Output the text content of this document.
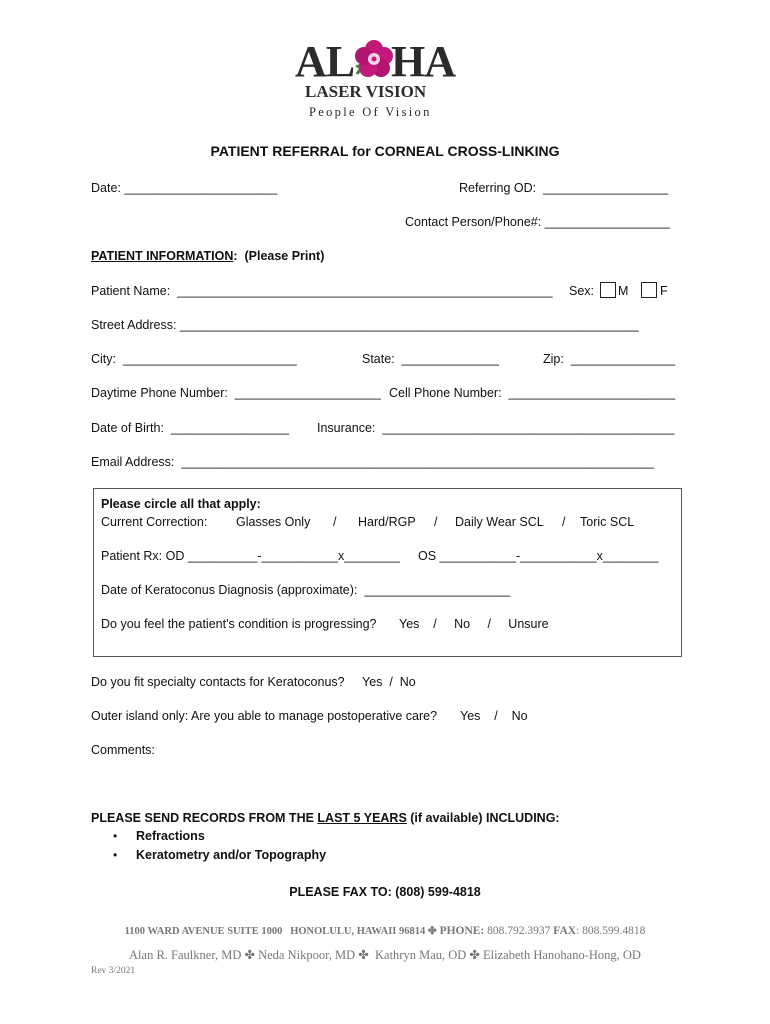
AL HA
LASER VISION
People Of Vision
PATIENT REFERRAL for CORNEAL CROSS-LINKING
Date: ______________________	Referring OD:  __________________
Contact Person/Phone#: __________________
PATIENT INFORMATION:  (Please Print)
Patient Name:  ______________________________________________________ Sex: M	F
Street Address: __________________________________________________________________
City:  _________________________	State:  ______________	Zip:  _______________
Daytime Phone Number:  _____________________ Cell Phone Number:  ________________________
Date of Birth:  _________________ Insurance:  __________________________________________
Email Address:  ____________________________________________________________________
Please circle all that apply:
Current Correction: Glasses Only / Hard/RGP / Daily Wear SCL / Toric SCL
Patient Rx: OD __________-___________x________ OS ___________-___________x________
Date of Keratoconus Diagnosis (approximate):  _____________________
Do you feel the patient's condition is progressing? Yes    /     No     /     Unsure
Do you fit specialty contacts for Keratoconus? Yes  /  No
Outer island only: Are you able to manage postoperative care? Yes    /    No
Comments:
PLEASE SEND RECORDS FROM THE LAST 5 YEARS (if available) INCLUDING:
• Refractions
• Keratometry and/or Topography
PLEASE FAX TO: (808) 599-4818
1100 WARD AVENUE SUITE 1000   HONOLULU, HAWAII 96814 ✤ PHONE: 808.792.3937 FAX: 808.599.4818
Alan R. Faulkner, MD ✤ Neda Nikpoor, MD ✤  Kathryn Mau, OD ✤ Elizabeth Hanohano-Hong, OD
Rev 3/2021
